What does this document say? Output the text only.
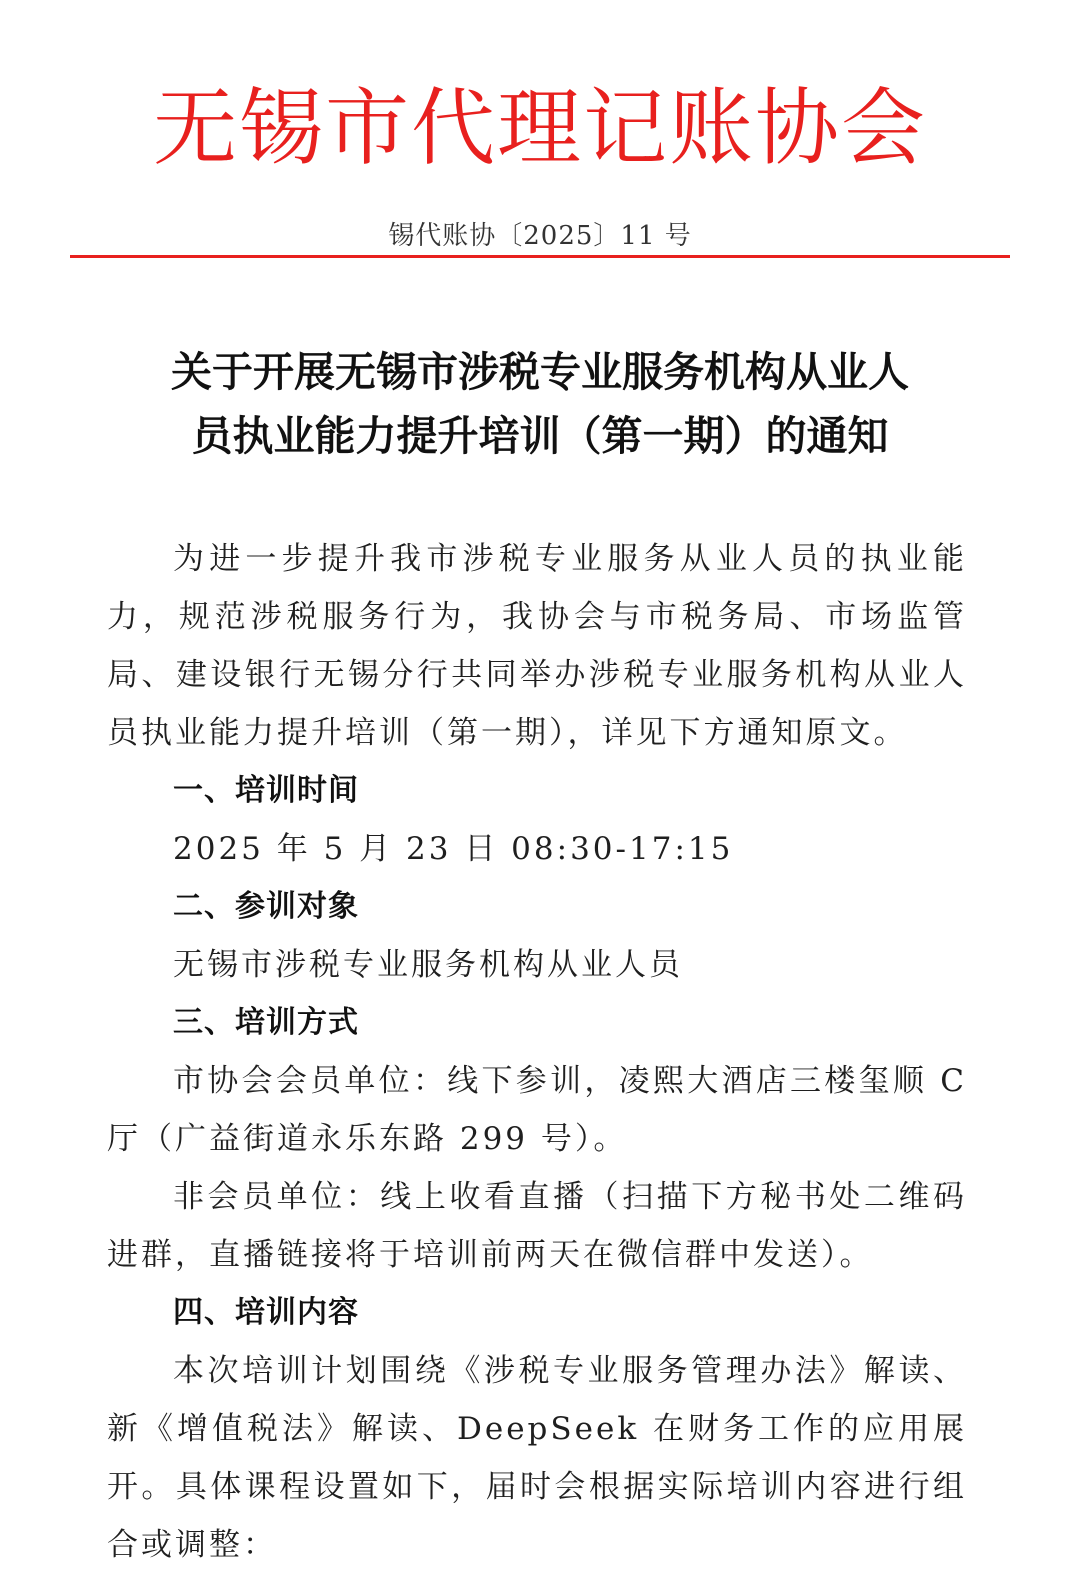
无锡市代理记账协会
锡代账协〔2025〕11 号
关于开展无锡市涉税专业服务机构从业人
员执业能力提升培训（第一期）的通知

为进一步提升我市涉税专业服务从业人员的执业能力，规范涉税服务行为，我协会与市税务局、市场监管局、建设银行无锡分行共同举办涉税专业服务机构从业人员执业能力提升培训（第一期），详见下方通知原文。

一、培训时间

2025 年 5 月 23 日 08:30-17:15

二、参训对象

无锡市涉税专业服务机构从业人员

三、培训方式

市协会会员单位：线下参训，凌熙大酒店三楼玺顺 C 厅（广益街道永乐东路 299 号）。

非会员单位：线上收看直播（扫描下方秘书处二维码进群，直播链接将于培训前两天在微信群中发送）。

四、培训内容

本次培训计划围绕《涉税专业服务管理办法》解读、新《增值税法》解读、DeepSeek 在财务工作的应用展开。具体课程设置如下，届时会根据实际培训内容进行组合或调整：
